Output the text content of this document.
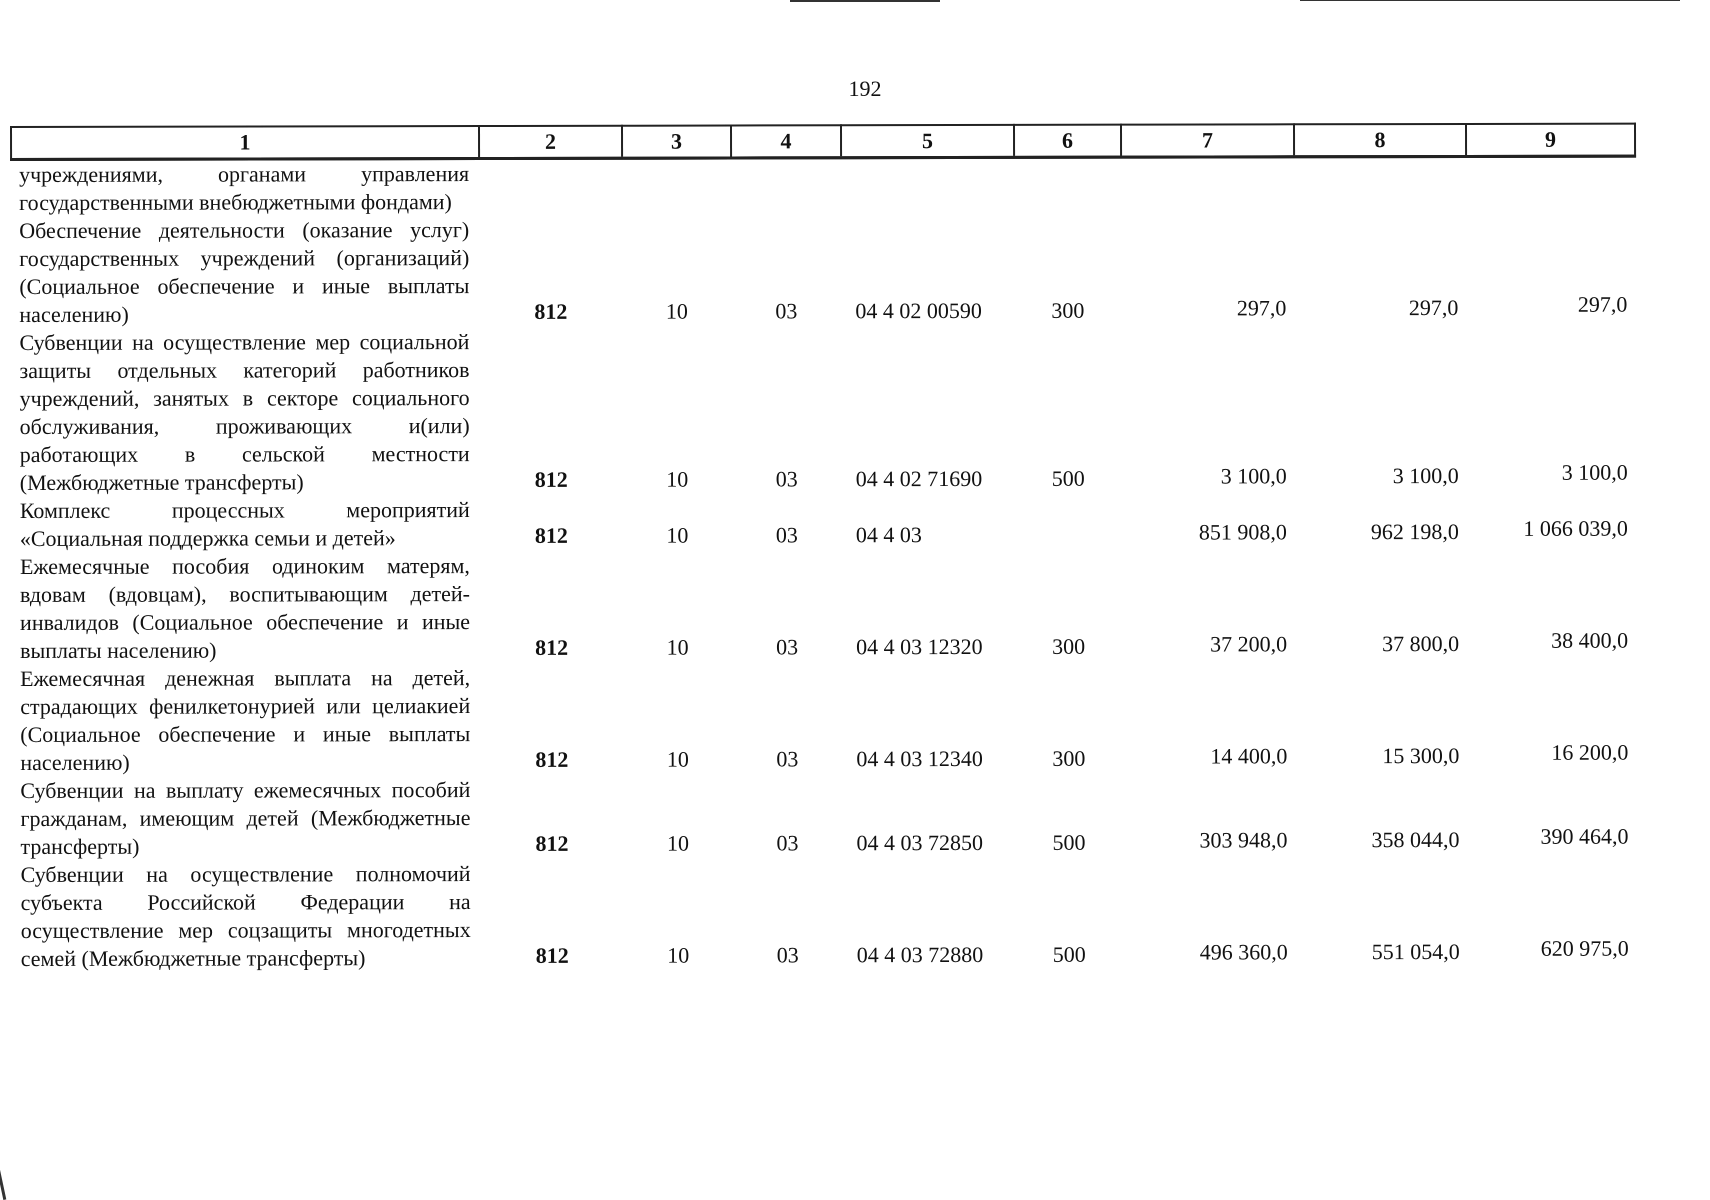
192
1	2	3	4	5	6	7	8	9
учреждениями, органами управления государственными внебюджетными фондами)								
Обеспечение деятельности (оказание услуг) государственных учреждений (организаций) (Социальное обеспечение и иные выплаты населению)	812	10	03	04 4 02 00590	300	297,0	297,0	297,0
Субвенции на осуществление мер социальной защиты отдельных категорий работников учреждений, занятых в секторе социального обслуживания, проживающих и(или) работающих в сельской местности (Межбюджетные трансферты)	812	10	03	04 4 02 71690	500	3 100,0	3 100,0	3 100,0
Комплекс процессных мероприятий «Социальная поддержка семьи и детей»	812	10	03	04 4 03		851 908,0	962 198,0	1 066 039,0
Ежемесячные пособия одиноким матерям, вдовам (вдовцам), воспитывающим детей-инвалидов (Социальное обеспечение и иные выплаты населению)	812	10	03	04 4 03 12320	300	37 200,0	37 800,0	38 400,0
Ежемесячная денежная выплата на детей, страдающих фенилкетонурией или целиакией (Социальное обеспечение и иные выплаты населению)	812	10	03	04 4 03 12340	300	14 400,0	15 300,0	16 200,0
Субвенции на выплату ежемесячных пособий гражданам, имеющим детей (Межбюджетные трансферты)	812	10	03	04 4 03 72850	500	303 948,0	358 044,0	390 464,0
Субвенции на осуществление полномочий субъекта Российской Федерации на осуществление мер соцзащиты многодетных семей (Межбюджетные трансферты)	812	10	03	04 4 03 72880	500	496 360,0	551 054,0	620 975,0
